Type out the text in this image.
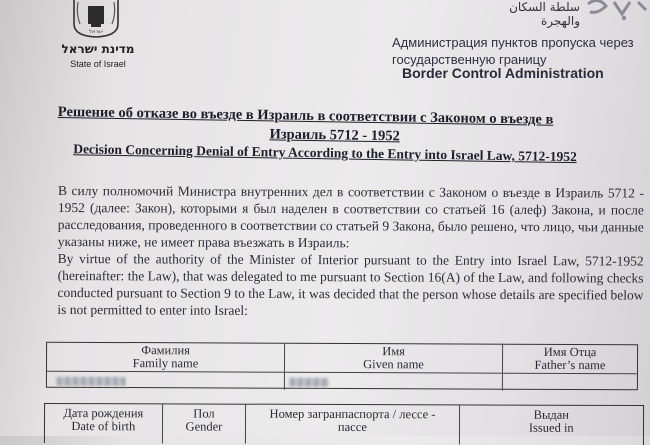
ישראל
מדינת ישראל
State of Israel
سلطة السكان والهجرة
Администрация пунктов пропуска через государственную границу
Border Control Administration

Решение об отказе во въезде в Израиль в соответствии с Законом о въезде в

Израиль 5712 - 1952

Decision Concerning Denial of Entry According to the Entry into Israel Law, 5712-1952

В силу полномочий Министра внутренних дел в соответствии с Законом о въезде в Израиль 5712 - 1952 (далее: Закон), которыми я был наделен в соответствии со статьей 16 (алеф) Закона, и после расследования, проведенного в соответствии со статьей 9 Закона, было решено, что лицо, чьи данные указаны ниже, не имеет права въезжать в Израиль:

By virtue of the authority of the Minister of Interior pursuant to the Entry into Israel Law, 5712-1952 (hereinafter: the Law), that was delegated to me pursuant to Section 16(A) of the Law, and following checks conducted pursuant to Section 9 to the Law, it was decided that the person whose details are specified below is not permitted to enter into Israel:

Фамилия
Family name
Имя
Given name
Имя Отца
Father’s name
Дата рождения
Date of birth
Пол
Gender
Номер загранпаспорта / лессе -
пассе
Выдан
Issued in
